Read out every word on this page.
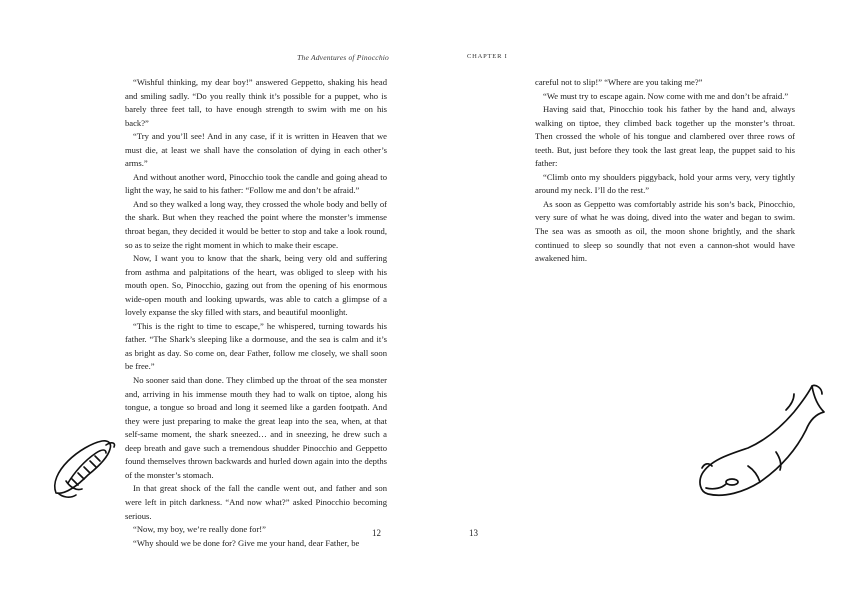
The Adventures of Pinocchio

“Wishful thinking, my dear boy!” answered Geppetto, shaking his head and smiling sadly. “Do you really think it’s possible for a puppet, who is barely three feet tall, to have enough strength to swim with me on his back?”

“Try and you’ll see! And in any case, if it is written in Heaven that we must die, at least we shall have the consolation of dying in each other’s arms.”

And without another word, Pinocchio took the candle and going ahead to light the way, he said to his father: “Follow me and don’t be afraid.”

And so they walked a long way, they crossed the whole body and belly of the shark. But when they reached the point where the monster’s immense throat began, they decided it would be better to stop and take a look round, so as to seize the right moment in which to make their escape.

Now, I want you to know that the shark, being very old and suffering from asthma and palpitations of the heart, was obliged to sleep with his mouth open. So, Pinocchio, gazing out from the opening of his enormous wide-open mouth and looking upwards, was able to catch a glimpse of a lovely expanse the sky filled with stars, and beautiful moonlight.

“This is the right to time to escape,” he whispered, turning towards his father. “The Shark’s sleeping like a dormouse, and the sea is calm and it’s as bright as day. So come on, dear Father, follow me closely, we shall soon be free.”

No sooner said than done. They climbed up the throat of the sea monster and, arriving in his immense mouth they had to walk on tiptoe, along his tongue, a tongue so broad and long it seemed like a garden footpath. And they were just preparing to make the great leap into the sea, when, at that self-same moment, the shark sneezed… and in sneezing, he drew such a deep breath and gave such a tremendous shudder Pinocchio and Geppetto found themselves thrown backwards and hurled down again into the depths of the monster’s stomach.

In that great shock of the fall the candle went out, and father and son were left in pitch darkness. “And now what?” asked Pinocchio becoming serious.

“Now, my boy, we’re really done for!”

“Why should we be done for? Give me your hand, dear Father, be

CHAPTER I

careful not to slip!” “Where are you taking me?”

“We must try to escape again. Now come with me and don’t be afraid.”

Having said that, Pinocchio took his father by the hand and, always walking on tiptoe, they climbed back together up the monster’s throat. Then crossed the whole of his tongue and clambered over three rows of teeth. But, just before they took the last great leap, the puppet said to his father:

“Climb onto my shoulders piggyback, hold your arms very, very tightly around my neck. I’ll do the rest.”

As soon as Geppetto was comfortably astride his son’s back, Pinocchio, very sure of what he was doing, dived into the water and began to swim. The sea was as smooth as oil, the moon shone brightly, and the shark continued to sleep so soundly that not even a cannon-shot would have awakened him.

13
12
